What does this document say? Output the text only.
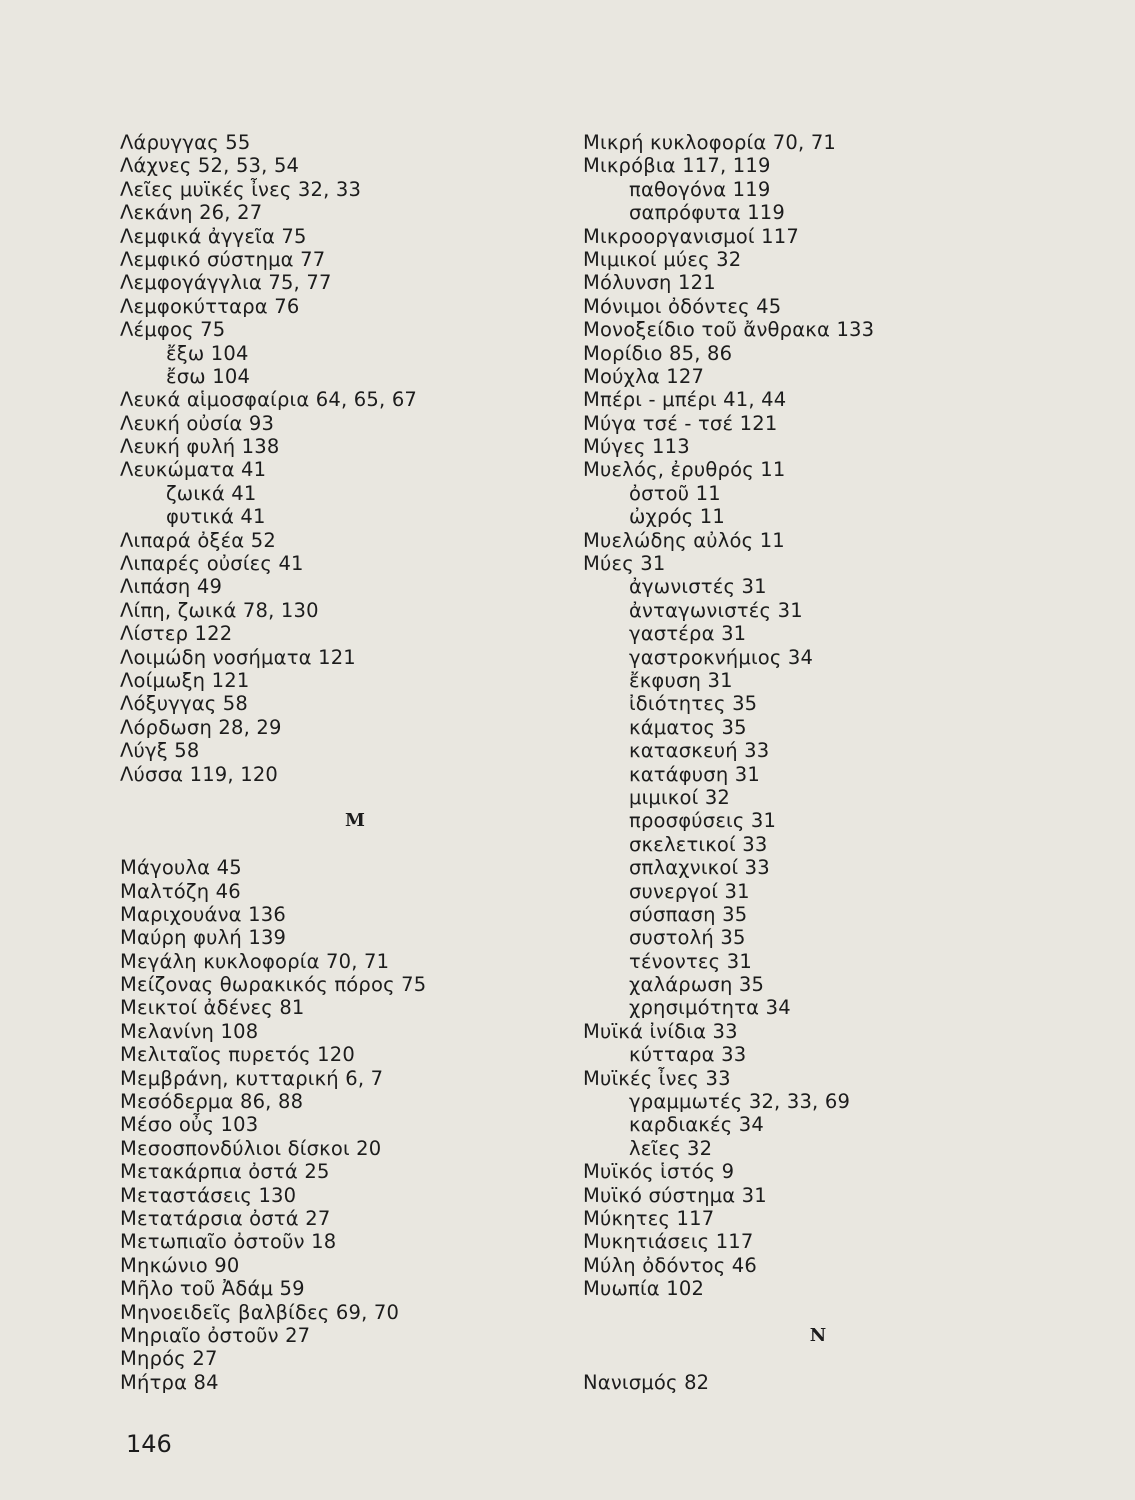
Λάρυγγας 55
Λάχνες 52, 53, 54
Λεῖες μυϊκές ἶνες 32, 33
Λεκάνη 26, 27
Λεμφικά ἀγγεῖα 75
Λεμφικό σύστημα 77
Λεμφογάγγλια 75, 77
Λεμφοκύτταρα 76
Λέμφος 75
ἔξω 104
ἔσω 104
Λευκά αἱμοσφαίρια 64, 65, 67
Λευκή οὐσία 93
Λευκή φυλή 138
Λευκώματα 41
ζωικά 41
φυτικά 41
Λιπαρά ὀξέα 52
Λιπαρές οὐσίες 41
Λιπάση 49
Λίπη, ζωικά 78, 130
Λίστερ 122
Λοιμώδη νοσήματα 121
Λοίμωξη 121
Λόξυγγας 58
Λόρδωση 28, 29
Λύγξ 58
Λύσσα 119, 120
M
Μάγουλα 45
Μαλτόζη 46
Μαριχουάνα 136
Μαύρη φυλή 139
Μεγάλη κυκλοφορία 70, 71
Μείζονας θωρακικός πόρος 75
Μεικτοί ἀδένες 81
Μελανίνη 108
Μελιταῖος πυρετός 120
Μεμβράνη, κυτταρική 6, 7
Μεσόδερμα 86, 88
Μέσο οὖς 103
Μεσοσπονδύλιοι δίσκοι 20
Μετακάρπια ὀστά 25
Μεταστάσεις 130
Μετατάρσια ὀστά 27
Μετωπιαῖο ὀστοῦν 18
Μηκώνιο 90
Μῆλο τοῦ Ἀδάμ 59
Μηνοειδεῖς βαλβίδες 69, 70
Μηριαῖο ὀστοῦν 27
Μηρός 27
Μήτρα 84
Μικρή κυκλοφορία 70, 71
Μικρόβια 117, 119
παθογόνα 119
σαπρόφυτα 119
Μικροοργανισμοί 117
Μιμικοί μύες 32
Μόλυνση 121
Μόνιμοι ὀδόντες 45
Μονοξείδιο τοῦ ἄνθρακα 133
Μορίδιο 85, 86
Μούχλα 127
Μπέρι - μπέρι 41, 44
Μύγα τσέ - τσέ 121
Μύγες 113
Μυελός, ἐρυθρός 11
ὀστοῦ 11
ὠχρός 11
Μυελώδης αὐλός 11
Μύες 31
ἀγωνιστές 31
ἀνταγωνιστές 31
γαστέρα 31
γαστροκνήμιος 34
ἔκφυση 31
ἰδιότητες 35
κάματος 35
κατασκευή 33
κατάφυση 31
μιμικοί 32
προσφύσεις 31
σκελετικοί 33
σπλαχνικοί 33
συνεργοί 31
σύσπαση 35
συστολή 35
τένοντες 31
χαλάρωση 35
χρησιμότητα 34
Μυϊκά ἰνίδια 33
κύτταρα 33
Μυϊκές ἶνες 33
γραμμωτές 32, 33, 69
καρδιακές 34
λεῖες 32
Μυϊκός ἱστός 9
Μυϊκό σύστημα 31
Μύκητες 117
Μυκητιάσεις 117
Μύλη ὀδόντος 46
Μυωπία 102
N
Νανισμός 82
146
